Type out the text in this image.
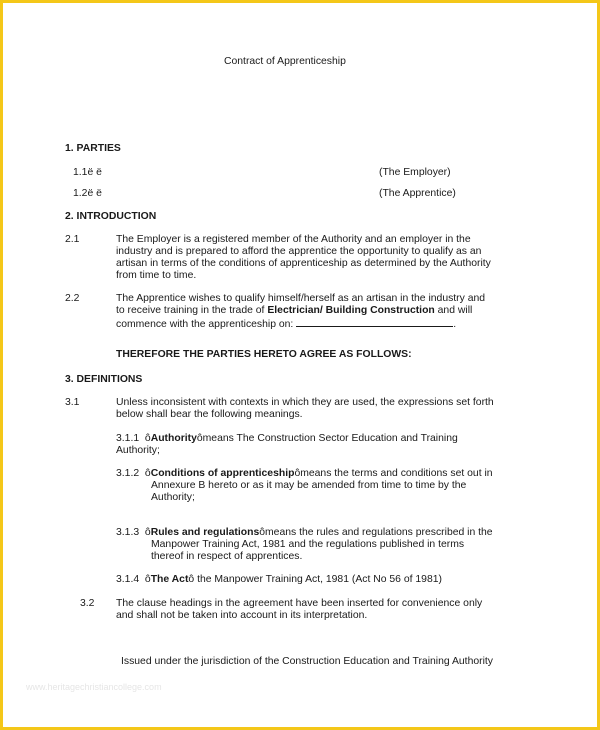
Contract of Apprenticeship
1. PARTIES
1.1ë ë	(The Employer)
1.2ë ë	(The Apprentice)
2. INTRODUCTION
2.1	The Employer is a registered member of the Authority and an employer in the
industry and is prepared to afford the apprentice the opportunity to qualify as an
artisan in terms of the conditions of apprenticeship as determined by the Authority
from time to time.
2.2	The Apprentice wishes to qualify himself/herself as an artisan in the industry and
to receive training in the trade of Electrician/ Building Construction and will
commence with the apprenticeship on:	.
THEREFORE THE PARTIES HERETO AGREE AS FOLLOWS:
3. DEFINITIONS
3.1	Unless inconsistent with contexts in which they are used, the expressions set forth
below shall bear the following meanings.
3.1.1 ôAuthorityômeans The Construction Sector Education and Training
Authority;
3.1.2 ôConditions of apprenticeshipômeans the terms and conditions set out in
Annexure B hereto or as it may be amended from time to time by the
Authority;
3.1.3 ôRules and regulationsômeans the rules and regulations prescribed in the
Manpower Training Act, 1981 and the regulations published in terms
thereof in respect of apprentices.
3.1.4 ôThe Actô the Manpower Training Act, 1981 (Act No 56 of 1981)
3.2 The clause headings in the agreement have been inserted for convenience only
and shall not be taken into account in its interpretation.
Issued under the jurisdiction of the Construction Education and Training Authority
www.heritagechristiancollege.com
